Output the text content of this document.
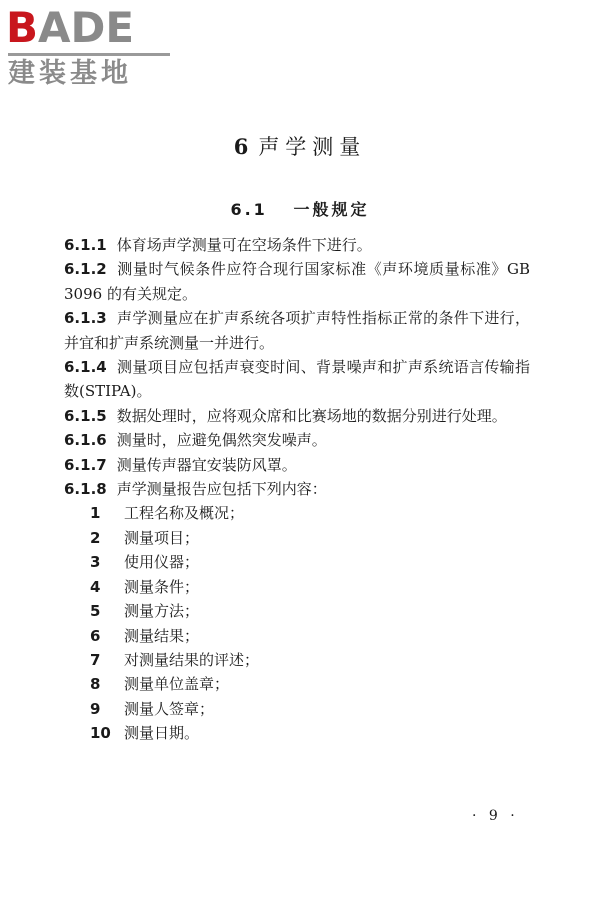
BADE
建装基地
6 声学测量
6.1 一般规定
6.1.1 体育场声学测量可在空场条件下进行。
6.1.2 测量时气候条件应符合现行国家标准《声环境质量标准》GB 3096 的有关规定。
6.1.3 声学测量应在扩声系统各项扩声特性指标正常的条件下进行，并宜和扩声系统测量一并进行。
6.1.4 测量项目应包括声衰变时间、背景噪声和扩声系统语言传输指数(STIPA)。
6.1.5 数据处理时，应将观众席和比赛场地的数据分别进行处理。
6.1.6 测量时，应避免偶然突发噪声。
6.1.7 测量传声器宜安装防风罩。
6.1.8 声学测量报告应包括下列内容：
1 工程名称及概况；
2 测量项目；
3 使用仪器；
4 测量条件；
5 测量方法；
6 测量结果；
7 对测量结果的评述；
8 测量单位盖章；
9 测量人签章；
10 测量日期。
· 9 ·
